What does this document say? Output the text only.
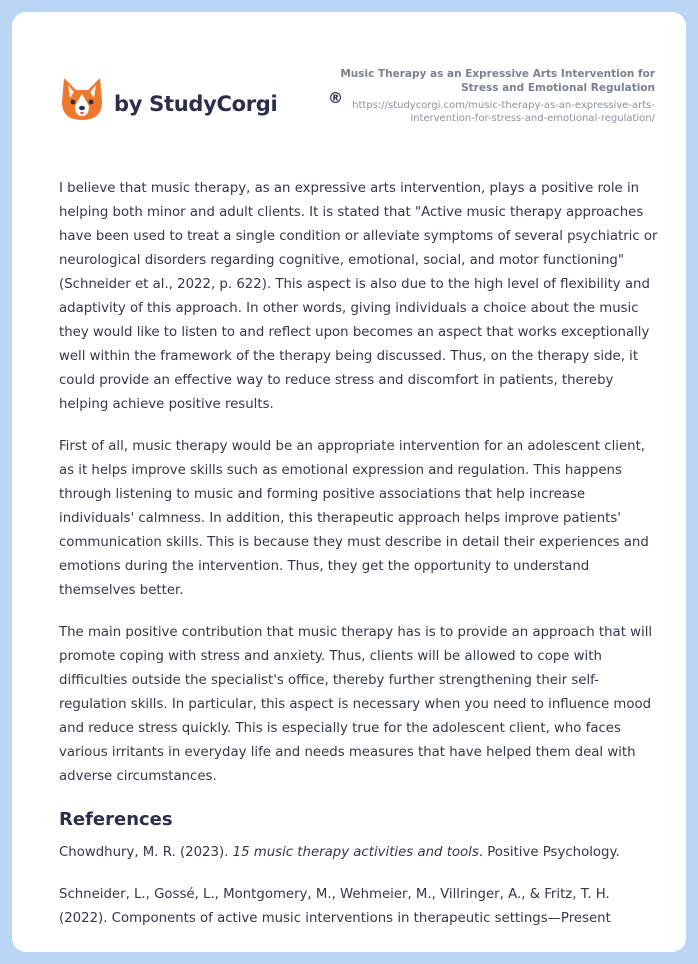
by StudyCorgi	®
Music Therapy as an Expressive Arts Intervention for
Stress and Emotional Regulation
https://studycorgi.com/music-therapy-as-an-expressive-arts-
intervention-for-stress-and-emotional-regulation/

I believe that music therapy, as an expressive arts intervention, plays a positive role in helping both minor and adult clients. It is stated that "Active music therapy approaches have been used to treat a single condition or alleviate symptoms of several psychiatric or neurological disorders regarding cognitive, emotional, social, and motor functioning" (Schneider et al., 2022, p. 622). This aspect is also due to the high level of flexibility and adaptivity of this approach. In other words, giving individuals a choice about the music they would like to listen to and reflect upon becomes an aspect that works exceptionally well within the framework of the therapy being discussed. Thus, on the therapy side, it could provide an effective way to reduce stress and discomfort in patients, thereby helping achieve positive results.

First of all, music therapy would be an appropriate intervention for an adolescent client, as it helps improve skills such as emotional expression and regulation. This happens through listening to music and forming positive associations that help increase individuals' calmness. In addition, this therapeutic approach helps improve patients' communication skills. This is because they must describe in detail their experiences and emotions during the intervention. Thus, they get the opportunity to understand themselves better.

The main positive contribution that music therapy has is to provide an approach that will promote coping with stress and anxiety. Thus, clients will be allowed to cope with difficulties outside the specialist's office, thereby further strengthening their self-regulation skills. In particular, this aspect is necessary when you need to influence mood and reduce stress quickly. This is especially true for the adolescent client, who faces various irritants in everyday life and needs measures that have helped them deal with adverse circumstances.

References

Chowdhury, M. R. (2023). 15 music therapy activities and tools. Positive Psychology.

Schneider, L., Gossé, L., Montgomery, M., Wehmeier, M., Villringer, A., & Fritz, T. H. (2022). Components of active music interventions in therapeutic settings—Present
